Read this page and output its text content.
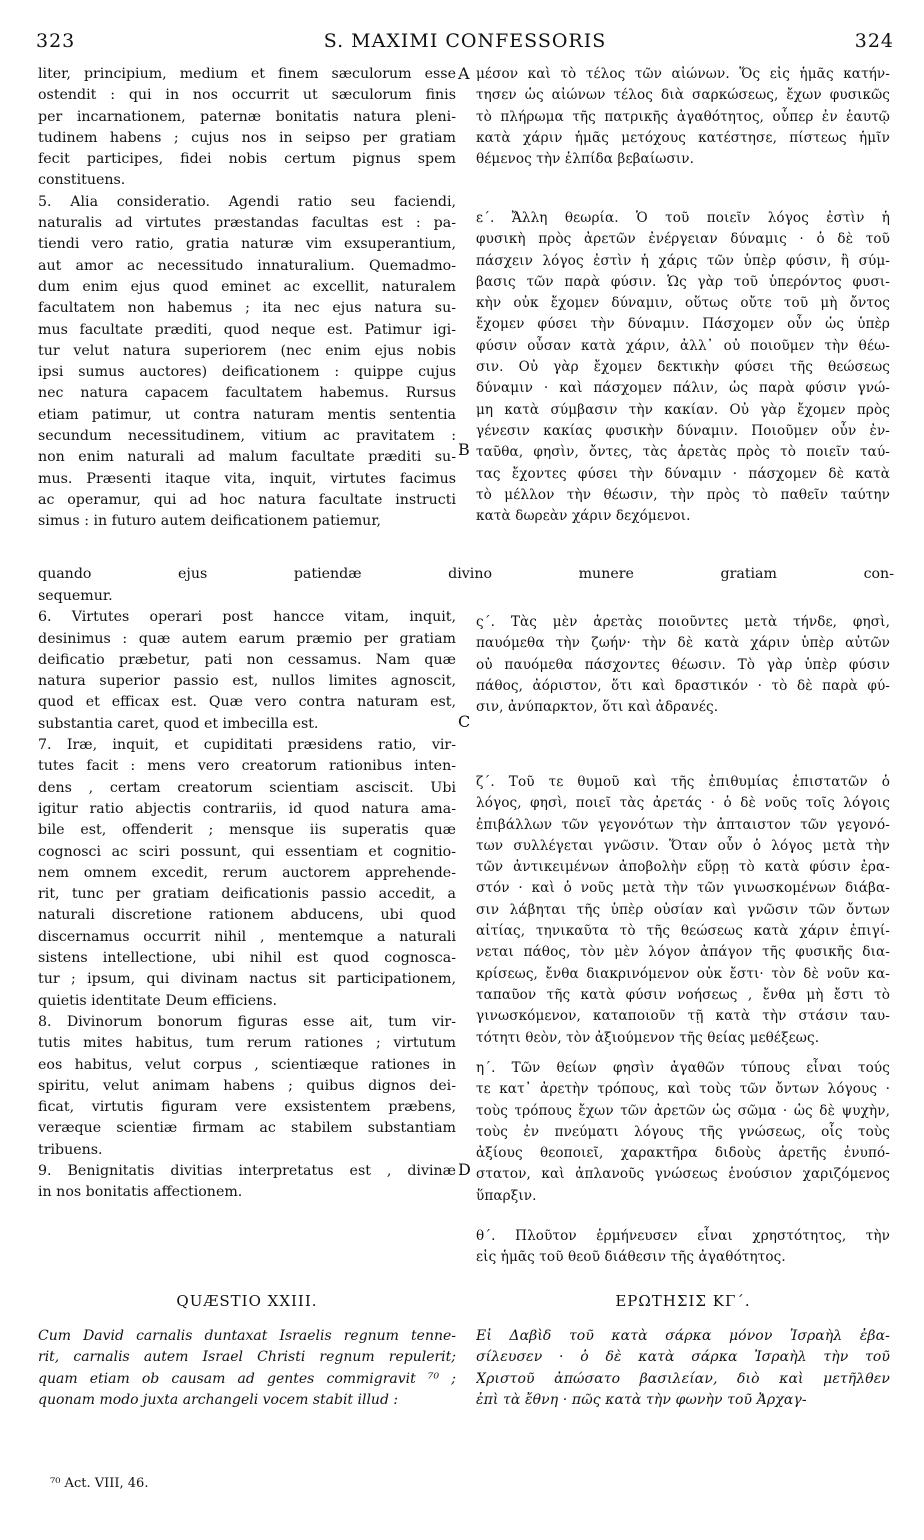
323	S. MAXIMI CONFESSORIS	324
liter, principium, medium et finem sæculorum esse
ostendit : qui in nos occurrit ut sæculorum finis
per incarnationem, paternæ bonitatis natura pleni-
tudinem habens ; cujus nos in seipso per gratiam
fecit participes, fidei nobis certum pignus spem
constituens.
5. Alia consideratio. Agendi ratio seu faciendi,
naturalis ad virtutes præstandas facultas est : pa-
tiendi vero ratio, gratia naturæ vim exsuperantium,
aut amor ac necessitudo innaturalium. Quemadmo-
dum enim ejus quod eminet ac excellit, naturalem
facultatem non habemus ; ita nec ejus natura su-
mus facultate præditi, quod neque est. Patimur igi-
tur velut natura superiorem (nec enim ejus nobis
ipsi sumus auctores) deificationem : quippe cujus
nec natura capacem facultatem habemus. Rursus
etiam patimur, ut contra naturam mentis sententia
secundum necessitudinem, vitium ac pravitatem :
non enim naturali ad malum facultate præditi su-
mus. Præsenti itaque vita, inquit, virtutes facimus
ac operamur, qui ad hoc natura facultate instructi
simus : in futuro autem deificationem patiemur,
quando ejus patiendæ divino munere gratiam con-
sequemur.
6. Virtutes operari post hancce vitam, inquit,
desinimus : quæ autem earum præmio per gratiam
deificatio præbetur, pati non cessamus. Nam quæ
natura superior passio est, nullos limites agnoscit,
quod et efficax est. Quæ vero contra naturam est,
substantia caret, quod et imbecilla est.
7. Iræ, inquit, et cupiditati præsidens ratio, vir-
tutes facit : mens vero creatorum rationibus inten-
dens , certam creatorum scientiam asciscit. Ubi
igitur ratio abjectis contrariis, id quod natura ama-
bile est, offenderit ; mensque iis superatis quæ
cognosci ac sciri possunt, qui essentiam et cognitio-
nem omnem excedit, rerum auctorem apprehende-
rit, tunc per gratiam deificationis passio accedit, a
naturali discretione rationem abducens, ubi quod
discernamus occurrit nihil , mentemque a naturali
sistens intellectione, ubi nihil est quod cognosca-
tur ; ipsum, qui divinam nactus sit participationem,
quietis identitate Deum efficiens.
8. Divinorum bonorum figuras esse ait, tum vir-
tutis mites habitus, tum rerum rationes ; virtutum
eos habitus, velut corpus , scientiæque rationes in
spiritu, velut animam habens ; quibus dignos dei-
ficat, virtutis figuram vere exsistentem præbens,
veræque scientiæ firmam ac stabilem substantiam
tribuens.
9. Benignitatis divitias interpretatus est , divinæ
in nos bonitatis affectionem.
μέσον καὶ τὸ τέλος τῶν αἰώνων. Ὅς εἰς ἡμᾶς κατήν-
τησεν ὡς αἰώνων τέλος διὰ σαρκώσεως, ἔχων φυσικῶς
τὸ πλήρωμα τῆς πατρικῆς ἀγαθότητος, οὗπερ ἐν ἑαυτῷ
κατὰ χάριν ἡμᾶς μετόχους κατέστησε, πίστεως ἡμῖν
θέμενος τὴν ἐλπίδα βεβαίωσιν.
ε΄. Ἄλλη θεωρία. Ὁ τοῦ ποιεῖν λόγος ἐστὶν ἡ
φυσικὴ πρὸς ἀρετῶν ἐνέργειαν δύναμις · ὁ δὲ τοῦ
πάσχειν λόγος ἐστὶν ἡ χάρις τῶν ὑπὲρ φύσιν, ἢ σύμ-
βασις τῶν παρὰ φύσιν. Ὡς γὰρ τοῦ ὑπερόντος φυσι-
κὴν οὐκ ἔχομεν δύναμιν, οὕτως οὔτε τοῦ μὴ ὄντος
ἔχομεν φύσει τὴν δύναμιν. Πάσχομεν οὖν ὡς ὑπὲρ
φύσιν οὖσαν κατὰ χάριν, ἀλλ᾽ οὐ ποιοῦμεν τὴν θέω-
σιν. Οὐ γὰρ ἔχομεν δεκτικὴν φύσει τῆς θεώσεως
δύναμιν · καὶ πάσχομεν πάλιν, ὡς παρὰ φύσιν γνώ-
μη κατὰ σύμβασιν τὴν κακίαν. Οὐ γὰρ ἔχομεν πρὸς
γένεσιν κακίας φυσικὴν δύναμιν. Ποιοῦμεν οὖν ἐν-
ταῦθα, φησὶν, ὄντες, τὰς ἀρετὰς πρὸς τὸ ποιεῖν ταύ-
τας ἔχοντες φύσει τὴν δύναμιν · πάσχομεν δὲ κατὰ
τὸ μέλλον τὴν θέωσιν, τὴν πρὸς τὸ παθεῖν ταύτην
κατὰ δωρεὰν χάριν δεχόμενοι.
ς΄. Τὰς μὲν ἀρετὰς ποιοῦντες μετὰ τήνδε, φησὶ,
παυόμεθα τὴν ζωήν· τὴν δὲ κατὰ χάριν ὑπὲρ αὐτῶν
οὐ παυόμεθα πάσχοντες θέωσιν. Τὸ γὰρ ὑπὲρ φύσιν
πάθος, ἀόριστον, ὅτι καὶ δραστικόν · τὸ δὲ παρὰ φύ-
σιν, ἀνύπαρκτον, ὅτι καὶ ἀδρανές.
ζ΄. Τοῦ τε θυμοῦ καὶ τῆς ἐπιθυμίας ἐπιστατῶν ὁ
λόγος, φησὶ, ποιεῖ τὰς ἀρετάς · ὁ δὲ νοῦς τοῖς λόγοις
ἐπιβάλλων τῶν γεγονότων τὴν ἀπταιστον τῶν γεγονό-
των συλλέγεται γνῶσιν. Ὅταν οὖν ὁ λόγος μετὰ τὴν
τῶν ἀντικειμένων ἀποβολὴν εὕρῃ τὸ κατὰ φύσιν ἐρα-
στόν · καὶ ὁ νοῦς μετὰ τὴν τῶν γινωσκομένων διάβα-
σιν λάβηται τῆς ὑπὲρ οὐσίαν καὶ γνῶσιν τῶν ὄντων
αἰτίας, τηνικαῦτα τὸ τῆς θεώσεως κατὰ χάριν ἐπιγί-
νεται πάθος, τὸν μὲν λόγον ἀπάγον τῆς φυσικῆς δια-
κρίσεως, ἔνθα διακρινόμενον οὐκ ἔστι· τὸν δὲ νοῦν κα-
ταπαῦον τῆς κατὰ φύσιν νοήσεως , ἔνθα μὴ ἔστι τὸ
γινωσκόμενον, καταποιοῦν τῇ κατὰ τὴν στάσιν ταυ-
τότητι θεὸν, τὸν ἀξιούμενον τῆς θείας μεθέξεως.
η΄. Τῶν θείων φησὶν ἀγαθῶν τύπους εἶναι τούς
τε κατ᾽ ἀρετὴν τρόπους, καὶ τοὺς τῶν ὄντων λόγους ·
τοὺς τρόπους ἔχων τῶν ἀρετῶν ὡς σῶμα · ὡς δὲ ψυχὴν,
τοὺς ἐν πνεύματι λόγους τῆς γνώσεως, οἷς τοὺς
ἀξίους θεοποιεῖ, χαρακτῆρα διδοὺς ἀρετῆς ἐνυπό-
στατον, καὶ ἀπλανοῦς γνώσεως ἑνούσιον χαριζόμενος
ὕπαρξιν.
θ΄. Πλοῦτον ἑρμήνευσεν εἶναι χρηστότητος, τὴν
εἰς ἡμᾶς τοῦ θεοῦ διάθεσιν τῆς ἀγαθότητος.
A
B
C
D
QUÆSTIO XXIII.	ΕΡΩΤΗΣΙΣ ΚΓ΄.
Cum David carnalis duntaxat Israelis regnum tenne-
rit, carnalis autem Israel Christi regnum repulerit;
quam etiam ob causam ad gentes commigravit ⁷⁰ ;
quonam modo juxta archangeli vocem stabit illud :
Εἰ Δαβὶδ τοῦ κατὰ σάρκα μόνον Ἰσραὴλ ἐβα-
σίλευσεν · ὁ δὲ κατὰ σάρκα Ἰσραὴλ τὴν τοῦ
Χριστοῦ ἀπώσατο βασιλείαν, διὸ καὶ μετῆλθεν
ἐπὶ τὰ ἔθνη · πῶς κατὰ τὴν φωνὴν τοῦ Ἀρχαγ-
⁷⁰ Act. VIII, 46.
